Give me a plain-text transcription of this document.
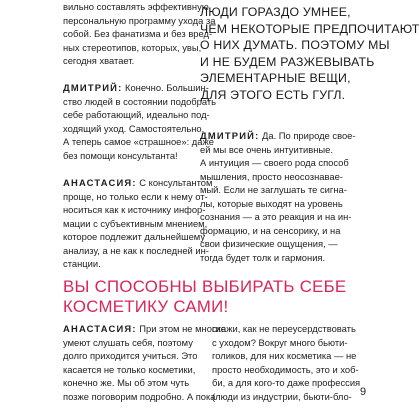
вильно составлять эффективную
персональную программу ухода за
собой. Без фанатизма и без вред-
ных стереотипов, которых, увы,
сегодня хватает.

ДМИТРИЙ: Конечно. Большин-
ство людей в состоянии подобрать
себе работающий, идеально под-
ходящий уход. Самостоятельно.
А теперь самое «страшное»: даже
без помощи консультанта!

АНАСТАСИЯ: С консультантом
проще, но только если к нему от-
носиться как к источнику инфор-
мации с субъективным мнением,
которое подлежит дальнейшему
анализу, а не как к последней ин-
станции.

ЛЮДИ ГОРАЗДО УМНЕЕ,
ЧЕМ НЕКОТОРЫЕ ПРЕДПОЧИТАЮТ
О НИХ ДУМАТЬ. ПОЭТОМУ МЫ
И НЕ БУДЕМ РАЗЖЕВЫВАТЬ
ЭЛЕМЕНТАРНЫЕ ВЕЩИ,
ДЛЯ ЭТОГО ЕСТЬ ГУГЛ.

ДМИТРИЙ: Да. По природе свое-
ей мы все очень интуитивные.
А интуиция — своего рода способ
мышления, просто неосознавае-
мый. Если не заглушать те сигна-
лы, которые выходят на уровень
сознания — а это реакция и на ин-
формацию, и на сенсорику, и на
свои физические ощущения, —
тогда будет толк и гармония.

ВЫ СПОСОБНЫ ВЫБИРАТЬ СЕБЕ
КОСМЕТИКУ САМИ!

АНАСТАСИЯ: При этом не многие
умеют слушать себя, поэтому
долго приходится учиться. Это
касается не только косметики,
конечно же. Мы об этом чуть
позже поговорим подробно. А пока

скажи, как не переусердствовать
с уходом? Вокруг много бьюти-
голиков, для них косметика — не
просто необходимость, это и хоб-
би, а для кого-то даже профессия
(люди из индустрии, бьюти-бло- 9
